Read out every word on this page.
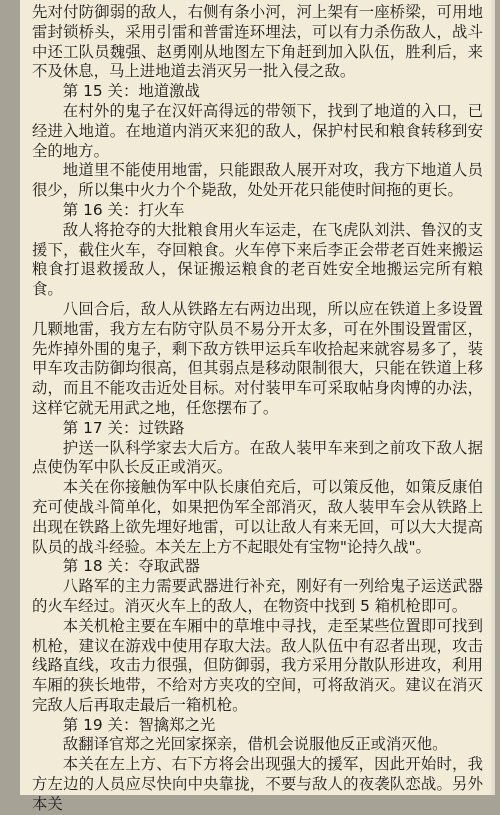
先对付防御弱的敌人，右侧有条小河，河上架有一座桥梁，可用地雷封锁桥头，采用引雷和普雷连环埋法，可以有力杀伤敌人，战斗中还工队员魏强、赵勇刚从地图左下角赶到加入队伍，胜利后，来不及休息，马上进地道去消灭另一批入侵之敌。

第 15 关：地道激战

在村外的鬼子在汉奸高得远的带领下，找到了地道的入口，已经进入地道。在地道内消灭来犯的敌人，保护村民和粮食转移到安全的地方。

地道里不能使用地雷，只能跟敌人展开对攻，我方下地道人员很少，所以集中火力个个毙敌，处处开花只能使时间拖的更长。

第 16 关：打火车

敌人将抢夺的大批粮食用火车运走，在飞虎队刘洪、鲁汉的支援下，截住火车，夺回粮食。火车停下来后李正会带老百姓来搬运粮食打退救援敌人，保证搬运粮食的老百姓安全地搬运完所有粮食。

八回合后，敌人从铁路左右两边出现，所以应在铁道上多设置几颗地雷，我方左右防守队员不易分开太多，可在外围设置雷区，先炸掉外围的鬼子，剩下敌方铁甲运兵车收拾起来就容易多了，装甲车攻击防御均很高，但其弱点是移动限制很大，只能在铁道上移动，而且不能攻击近处目标。对付装甲车可采取帖身肉博的办法，这样它就无用武之地，任您摆布了。

第 17 关：过铁路

护送一队科学家去大后方。在敌人装甲车来到之前攻下敌人据点使伪军中队长反正或消灭。

本关在你接触伪军中队长康伯充后，可以策反他，如策反康伯充可使战斗简单化，如果把伪军全部消灭，敌人装甲车会从铁路上出现在铁路上欲先埋好地雷，可以让敌人有来无回，可以大大提高队员的战斗经验。本关左上方不起眼处有宝物"论持久战"。

第 18 关：夺取武器

八路军的主力需要武器进行补充，刚好有一列给鬼子运送武器的火车经过。消灭火车上的敌人，在物资中找到 5 箱机枪即可。

本关机枪主要在车厢中的草堆中寻找，走至某些位置即可找到机枪，建议在游戏中使用存取大法。敌人队伍中有忍者出现，攻击线路直线，攻击力很强，但防御弱，我方采用分散队形进攻，利用车厢的狭长地带，不给对方夹攻的空间，可将敌消灭。建议在消灭完敌人后再取走最后一箱机枪。

第 19 关：智擒郑之光

敌翻译官郑之光回家探亲，借机会说服他反正或消灭他。

本关在左上方、右下方将会出现强大的援军，因此开始时，我方左边的人员应尽快向中央靠拢，不要与敌人的夜袭队恋战。另外本关
